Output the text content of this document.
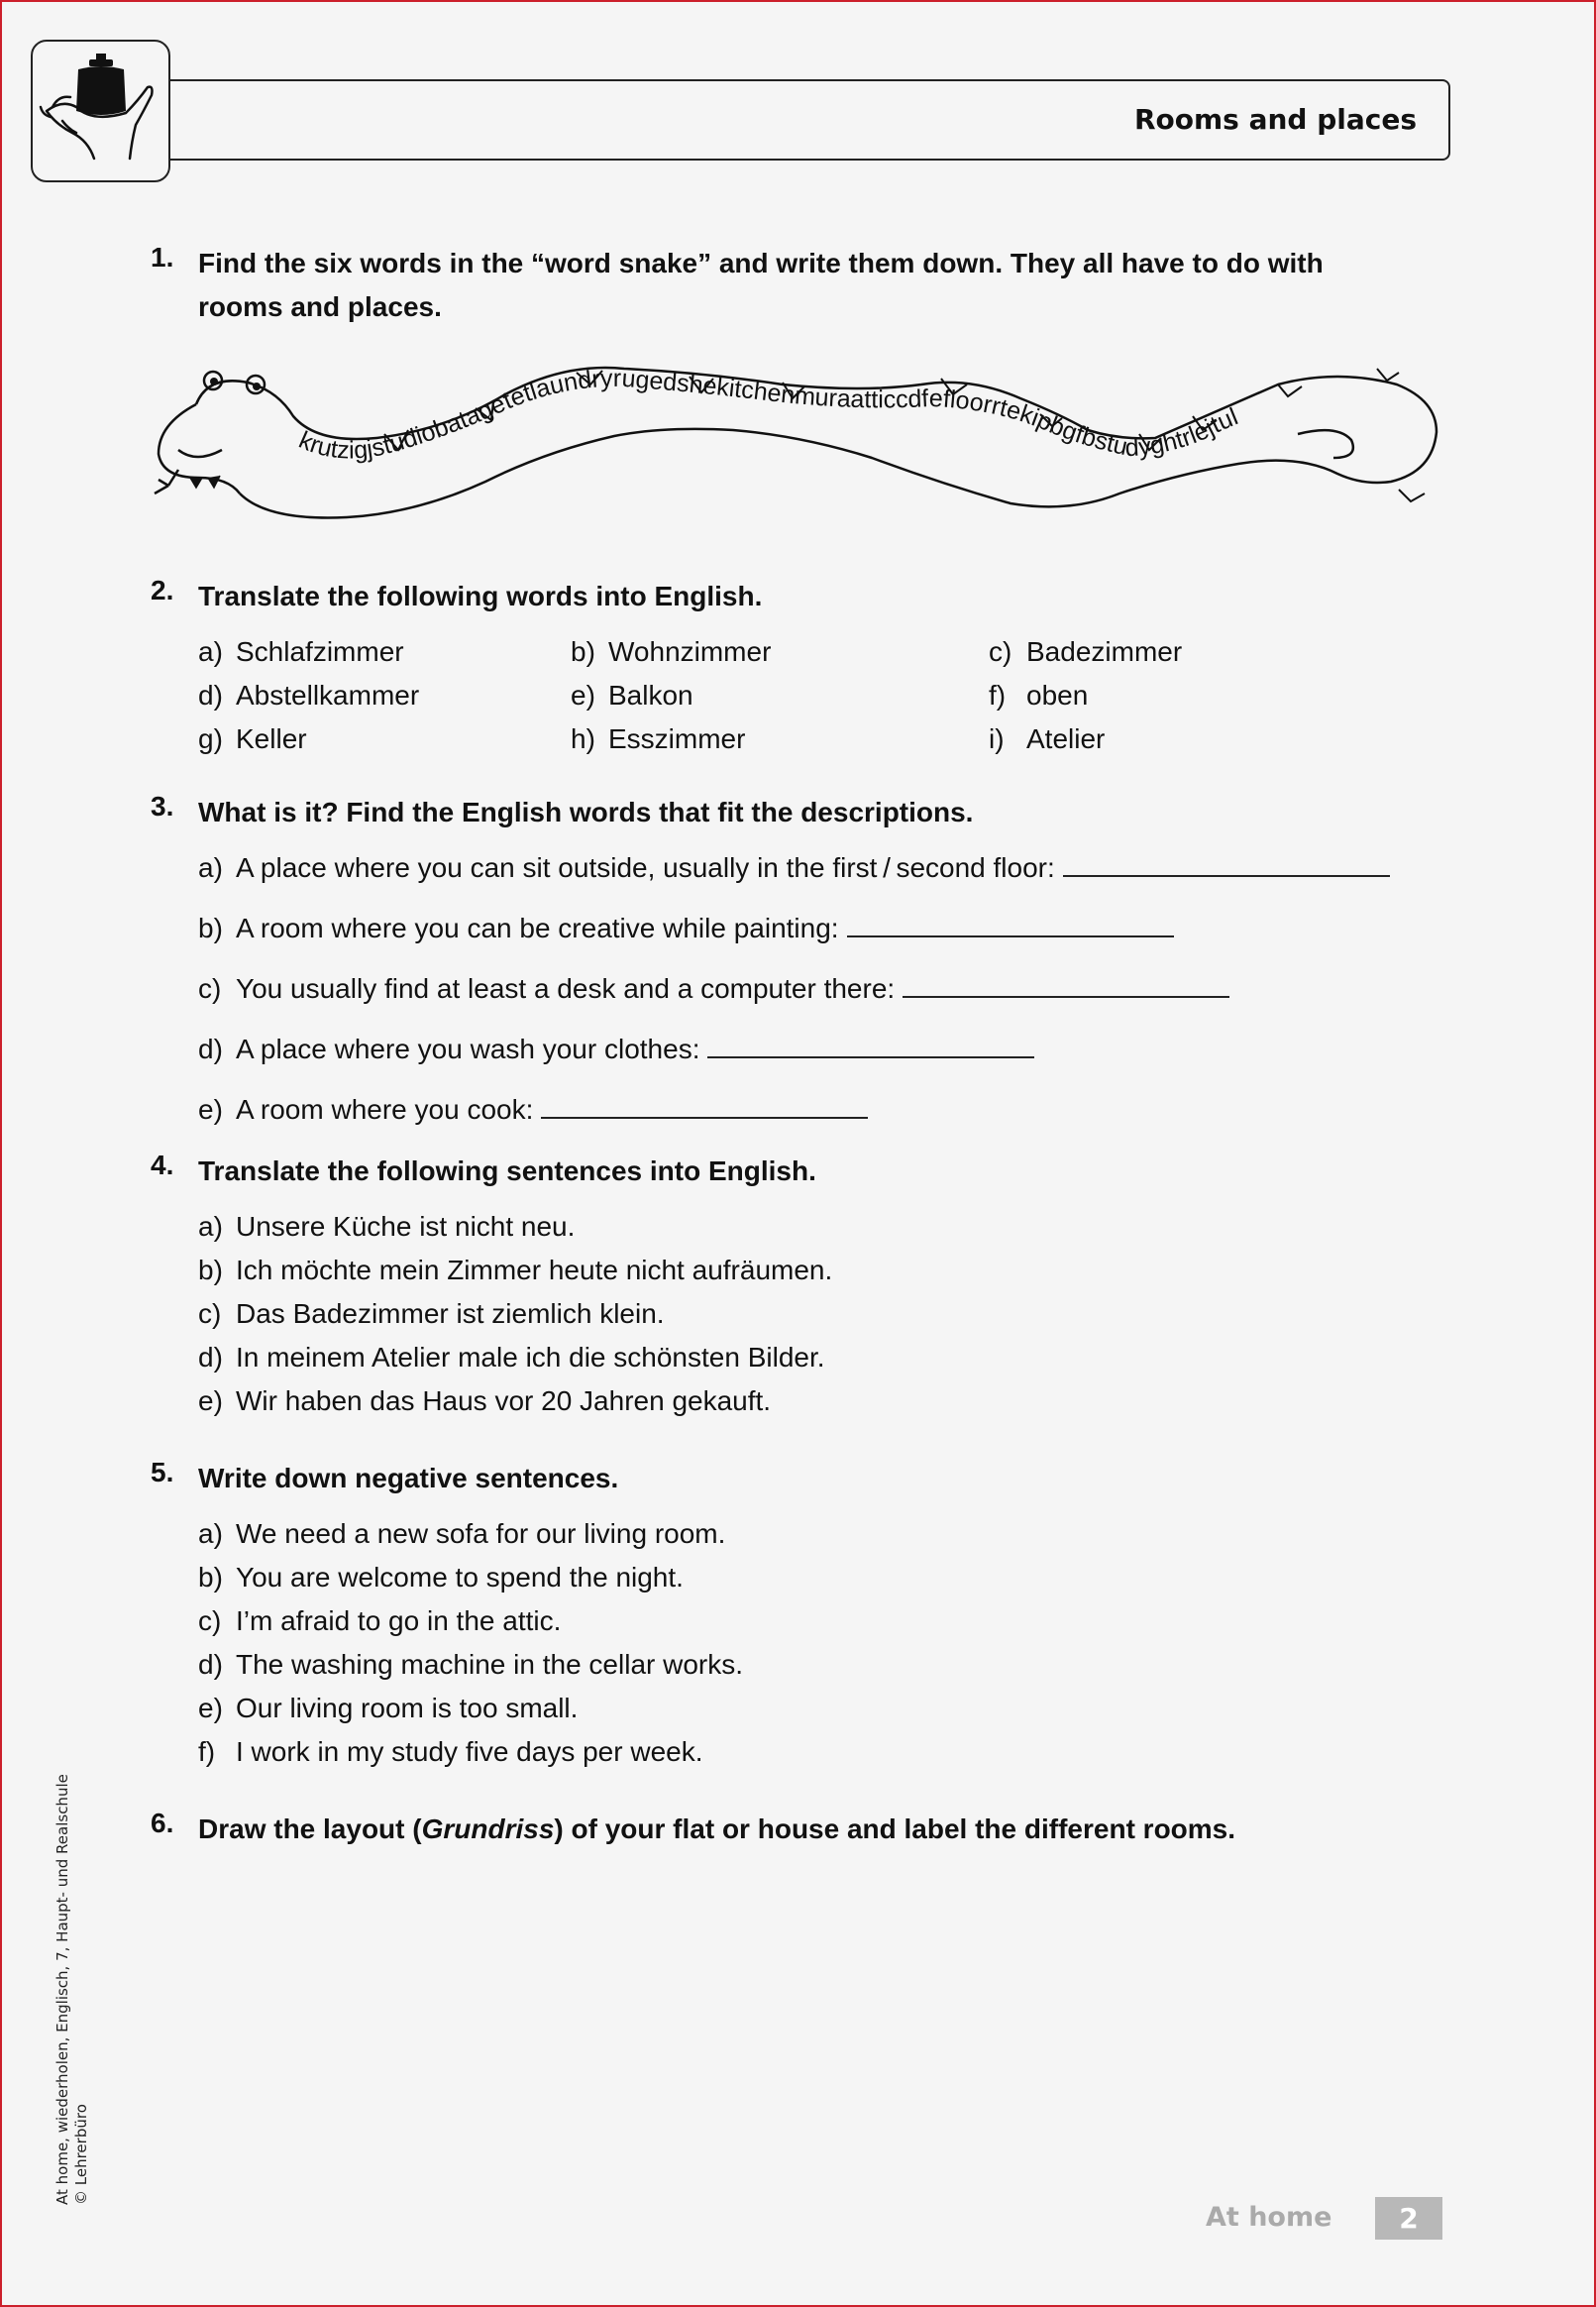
Rooms and places
1. Find the six words in the “word snake” and write them down. They all have to do with
rooms and places.
krutzigjstudiobatagetetlaundryrugedshekitchenmuraatticcdfefloorrtekipbgfbstudyghtrlejtul
2. Translate the following words into English.
a) Schlafzimmer	b) Wohnzimmer	c) Badezimmer
d) Abstellkammer	e) Balkon	f) oben
g) Keller	h) Esszimmer	i) Atelier
3. What is it? Find the English words that fit the descriptions.
a) A place where you can sit outside, usually in the first / second floor:
b) A room where you can be creative while painting:
c) You usually find at least a desk and a computer there:
d) A place where you wash your clothes:
e) A room where you cook:
4. Translate the following sentences into English.
a) Unsere Küche ist nicht neu.
b) Ich möchte mein Zimmer heute nicht aufräumen.
c) Das Badezimmer ist ziemlich klein.
d) In meinem Atelier male ich die schönsten Bilder.
e) Wir haben das Haus vor 20 Jahren gekauft.
5. Write down negative sentences.
a) We need a new sofa for our living room.
b) You are welcome to spend the night.
c) I’m afraid to go in the attic.
d) The washing machine in the cellar works.
e) Our living room is too small.
f) I work in my study five days per week.
6. Draw the layout (Grundriss) of your flat or house and label the different rooms.
At home, wiederholen, Englisch, 7, Haupt- und Realschule © Lehrerbüro
At home	2
